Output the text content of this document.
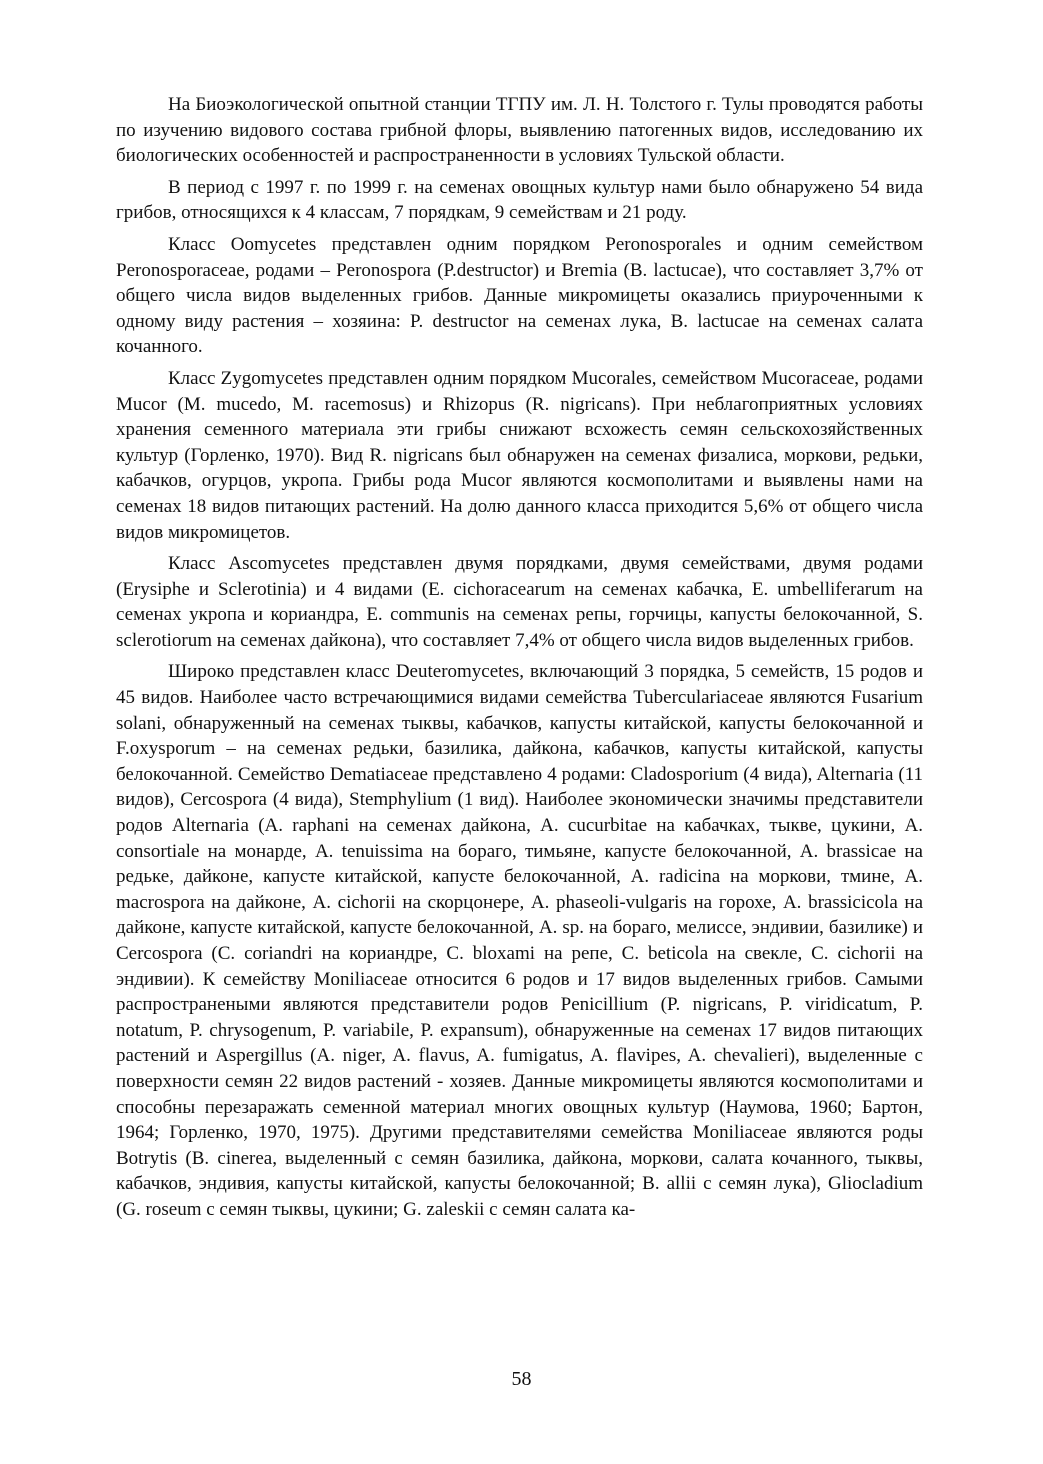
На Биоэкологической опытной станции ТГПУ им. Л. Н. Толстого г. Тулы проводятся работы по изучению видового состава грибной флоры, выявлению патогенных видов, исследованию их биологических особенностей и распространенности в условиях Тульской области.

В период с 1997 г. по 1999 г. на семенах овощных культур нами было обнаружено 54 вида грибов, относящихся к 4 классам, 7 порядкам, 9 семействам и 21 роду.

Класс Oomycetes представлен одним порядком Peronosporales и одним семейством Peronosporaceae, родами – Peronospora (P.destructor) и Bremia (B. lactucae), что составляет 3,7% от общего числа видов выделенных грибов. Данные микромицеты оказались приуроченными к одному виду растения – хозяина: P. destructor на семенах лука, B. lactucae на семенах салата кочанного.

Класс Zygomycetes представлен одним порядком Mucorales, семейством Mucoraceae, родами Mucor (M. mucedo, M. racemosus) и Rhizopus (R. nigricans). При неблагоприятных условиях хранения семенного материала эти грибы снижают всхожесть семян сельскохозяйственных культур (Горленко, 1970). Вид R. nigricans был обнаружен на семенах физалиса, моркови, редьки, кабачков, огурцов, укропа. Грибы рода Mucor являются космополитами и выявлены нами на семенах 18 видов питающих растений. На долю данного класса приходится 5,6% от общего числа видов микромицетов.

Класс Ascomycetes представлен двумя порядками, двумя семействами, двумя родами (Erysiphe и Sclerotinia) и 4 видами (E. cichoracearum на семенах кабачка, E. umbelliferarum на семенах укропа и кориандра, E. communis на семенах репы, горчицы, капусты белокочанной, S. sclerotiorum на семенах дайкона), что составляет 7,4% от общего числа видов выделенных грибов.

Широко представлен класс Deuteromycetes, включающий 3 порядка, 5 семейств, 15 родов и 45 видов. Наиболее часто встречающимися видами семейства Tuberculariaceae являются Fusarium solani, обнаруженный на семенах тыквы, кабачков, капусты китайской, капусты белокочанной и F.oxysporum – на семенах редьки, базилика, дайкона, кабачков, капусты китайской, капусты белокочанной. Семейство Dematiaceae представлено 4 родами: Cladosporium (4 вида), Alternaria (11 видов), Cercospora (4 вида), Stemphylium (1 вид). Наиболее экономически значимы представители родов Alternaria (A. raphani на семенах дайкона, A. cucurbitae на кабачках, тыкве, цукини, A. consortiale на монарде, A. tenuissima на бораго, тимьяне, капусте белокочанной, A. brassicae на редьке, дайконе, капусте китайской, капусте белокочанной, A. radicina на моркови, тмине, A. macrospora на дайконе, A. cichorii на скорцонере, A. phaseoli-vulgaris на горохе, A. brassicicola на дайконе, капусте китайской, капусте белокочанной, A. sp. на бораго, мелиссе, эндивии, базилике) и Cercospora (C. coriandri на кориандре, C. bloxami на репе, C. beticola на свекле, C. cichorii на эндивии). К семейству Moniliaceae относится 6 родов и 17 видов выделенных грибов. Самыми распространеными являются представители родов Penicillium (P. nigricans, P. viridicatum, P. notatum, P. chrysogenum, P. variabile, P. expansum), обнаруженные на семенах 17 видов питающих растений и Aspergillus (A. niger, A. flavus, A. fumigatus, A. flavipes, A. chevalieri), выделенные с поверхности семян 22 видов растений - хозяев. Данные микромицеты являются космополитами и способны перезаражать семенной материал многих овощных культур (Наумова, 1960; Бартон, 1964; Горленко, 1970, 1975). Другими представителями семейства Moniliaceae являются роды Botrytis (B. cinerea, выделенный с семян базилика, дайкона, моркови, салата кочанного, тыквы, кабачков, эндивия, капусты китайской, капусты белокочанной; B. allii с семян лука), Gliocladium (G. roseum с семян тыквы, цукини; G. zaleskii с семян салата ка-

58
